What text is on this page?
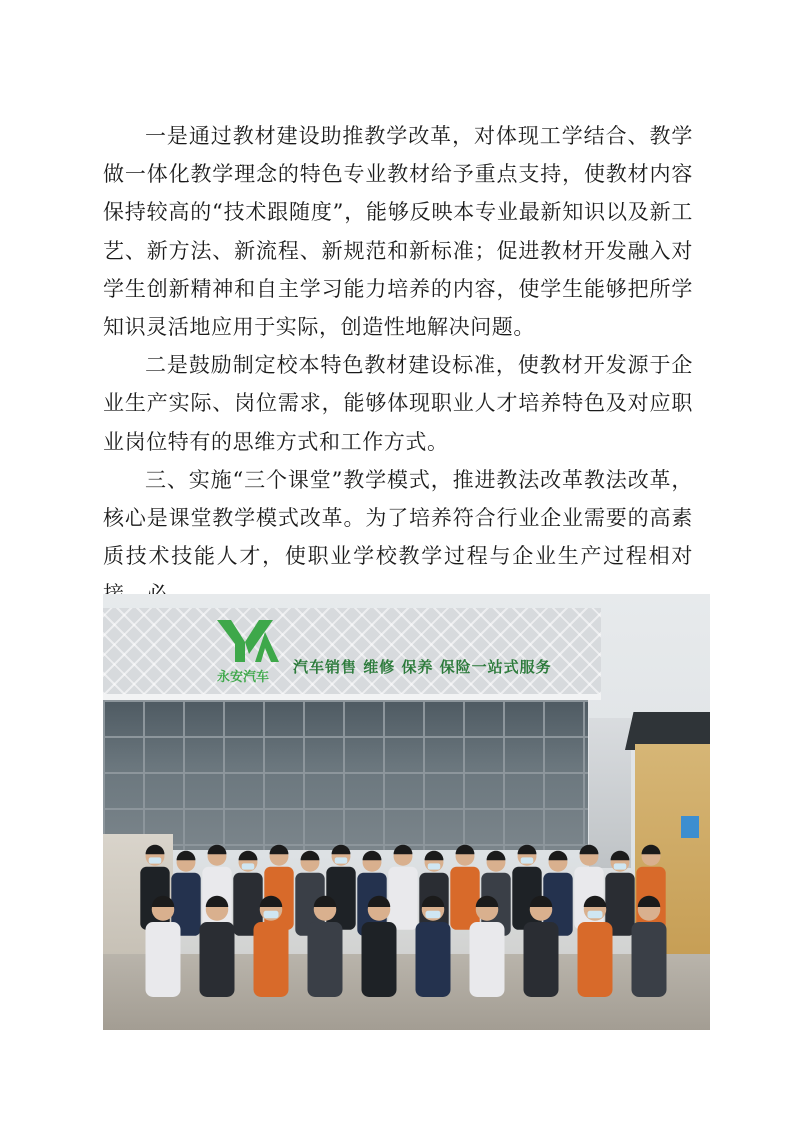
一是通过教材建设助推教学改革，对体现工学结合、教学做一体化教学理念的特色专业教材给予重点支持，使教材内容保持较高的“技术跟随度”，能够反映本专业最新知识以及新工艺、新方法、新流程、新规范和新标准；促进教材开发融入对学生创新精神和自主学习能力培养的内容，使学生能够把所学知识灵活地应用于实际，创造性地解决问题。

二是鼓励制定校本特色教材建设标准，使教材开发源于企业生产实际、岗位需求，能够体现职业人才培养特色及对应职业岗位特有的思维方式和工作方式。

三、实施“三个课堂”教学模式，推进教法改革教法改革，核心是课堂教学模式改革。为了培养符合行业企业需要的高素质技术技能人才，使职业学校教学过程与企业生产过程相对

永安汽车
汽车销售 维修 保养 保险一站式服务
